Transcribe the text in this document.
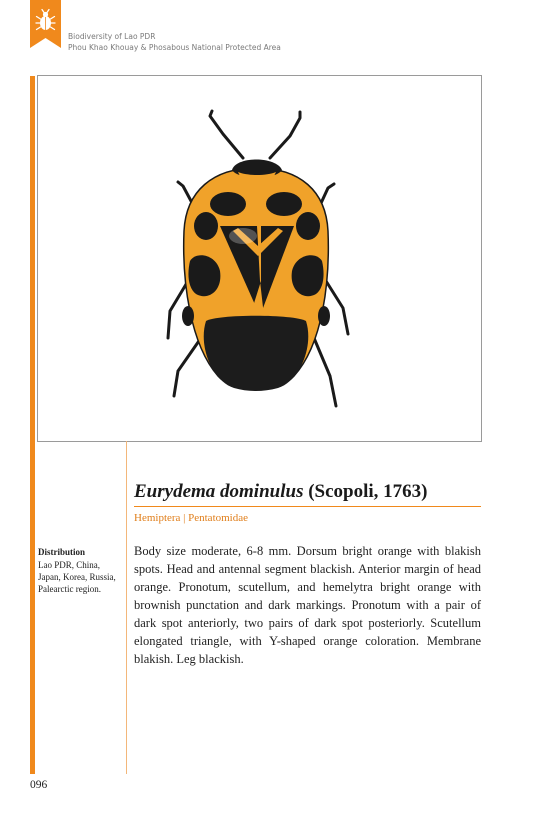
Biodiversity of Lao PDR
Phou Khao Khouay & Phosabous National Protected Area
Eurydema dominulus (Scopoli, 1763)
Hemiptera | Pentatomidae
Distribution
Lao PDR, China, Japan, Korea, Russia, Palearctic region.
Body size moderate, 6-8 mm. Dorsum bright orange with blakish spots. Head and antennal segment blackish. Anterior margin of head orange. Pronotum, scutellum, and hemelytra bright orange with brownish punctation and dark markings. Pronotum with a pair of dark spot anteriorly, two pairs of dark spot posteriorly. Scutellum elongated triangle, with Y-shaped orange coloration. Membrane blakish. Leg blackish.
096
